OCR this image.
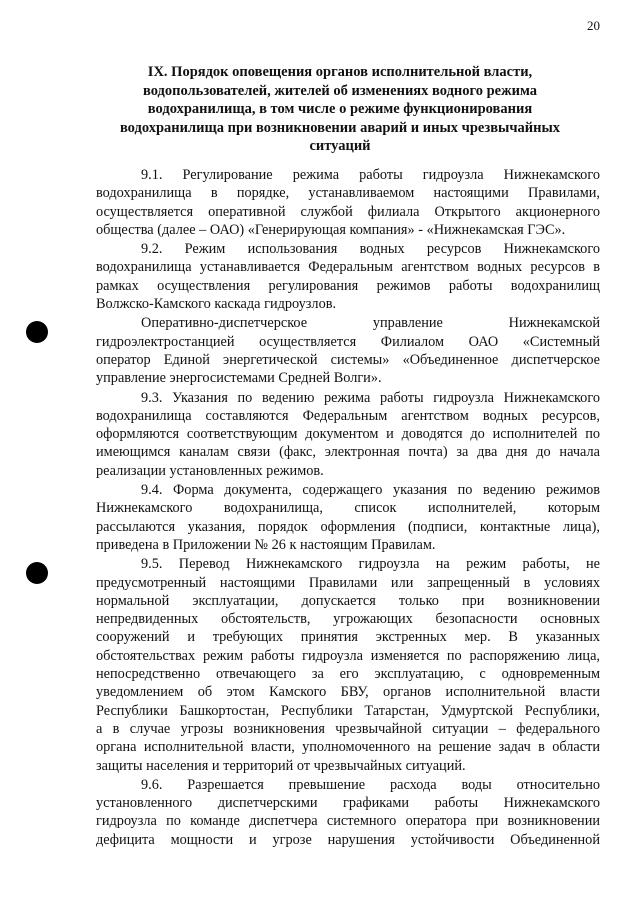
20
IX. Порядок оповещения органов исполнительной власти,
водопользователей, жителей об изменениях водного режима
водохранилища, в том числе о режиме функционирования
водохранилища при возникновении аварий и иных чрезвычайных
ситуаций
9.1. Регулирование режима работы гидроузла Нижнекамского
водохранилища в порядке, устанавливаемом настоящими Правилами,
осуществляется оперативной службой филиала Открытого акционерного
общества (далее – ОАО) «Генерирующая компания» - «Нижнекамская ГЭС».
9.2. Режим использования водных ресурсов Нижнекамского
водохранилища устанавливается Федеральным агентством водных ресурсов в
рамках осуществления регулирования режимов работы водохранилищ
Волжско-Камского каскада гидроузлов.
Оперативно-диспетчерское управление Нижнекамской
гидроэлектростанцией осуществляется Филиалом ОАО «Системный
оператор Единой энергетической системы» «Объединенное диспетчерское
управление энергосистемами Средней Волги».
9.3. Указания по ведению режима работы гидроузла Нижнекамского
водохранилища составляются Федеральным агентством водных ресурсов,
оформляются соответствующим документом и доводятся до исполнителей по
имеющимся каналам связи (факс, электронная почта) за два дня до начала
реализации установленных режимов.
9.4. Форма документа, содержащего указания по ведению режимов
Нижнекамского водохранилища, список исполнителей, которым
рассылаются указания, порядок оформления (подписи, контактные лица),
приведена в Приложении № 26 к настоящим Правилам.
9.5. Перевод Нижнекамского гидроузла на режим работы, не
предусмотренный настоящими Правилами или запрещенный в условиях
нормальной эксплуатации, допускается только при возникновении
непредвиденных обстоятельств, угрожающих безопасности основных
сооружений и требующих принятия экстренных мер. В указанных
обстоятельствах режим работы гидроузла изменяется по распоряжению лица,
непосредственно отвечающего за его эксплуатацию, с одновременным
уведомлением об этом Камского БВУ, органов исполнительной власти
Республики Башкортостан, Республики Татарстан, Удмуртской Республики,
а в случае угрозы возникновения чрезвычайной ситуации – федерального
органа исполнительной власти, уполномоченного на решение задач в области
защиты населения и территорий от чрезвычайных ситуаций.
9.6. Разрешается превышение расхода воды относительно
установленного диспетчерскими графиками работы Нижнекамского
гидроузла по команде диспетчера системного оператора при возникновении
дефицита мощности и угрозе нарушения устойчивости Объединенной
